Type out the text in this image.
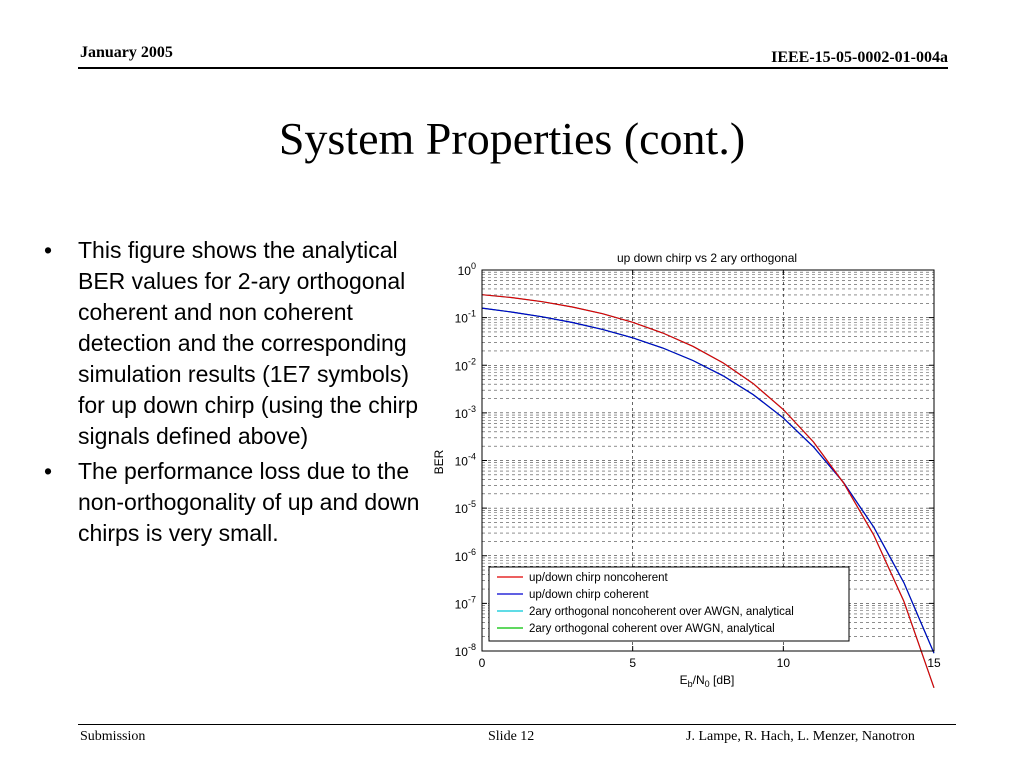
January 2005	IEEE-15-05-0002-01-004a
System Properties (cont.)
• This figure shows the analytical BER values for 2-ary orthogonal coherent and non coherent detection and the corresponding simulation results (1E7 symbols) for up down chirp (using the chirp signals defined above)
• The performance loss due to the non-orthogonality of up and down chirps is very small.
up down chirp vs 2 ary orthogonal
$10^0$
$10^{-1}$
$10^{-2}$
$10^{-3}$
$10^{-4}$
$10^{-5}$
$10^{-6}$
$10^{-7}$
$10^{-8}$
0	5	10	15
BER
$E_b/N_0$ [dB]
up/down chirp noncoherent
up/down chirp coherent
2ary orthogonal noncoherent over AWGN, analytical
2ary orthogonal coherent over AWGN, analytical
Submission	Slide 12	J. Lampe, R. Hach, L. Menzer, Nanotron
